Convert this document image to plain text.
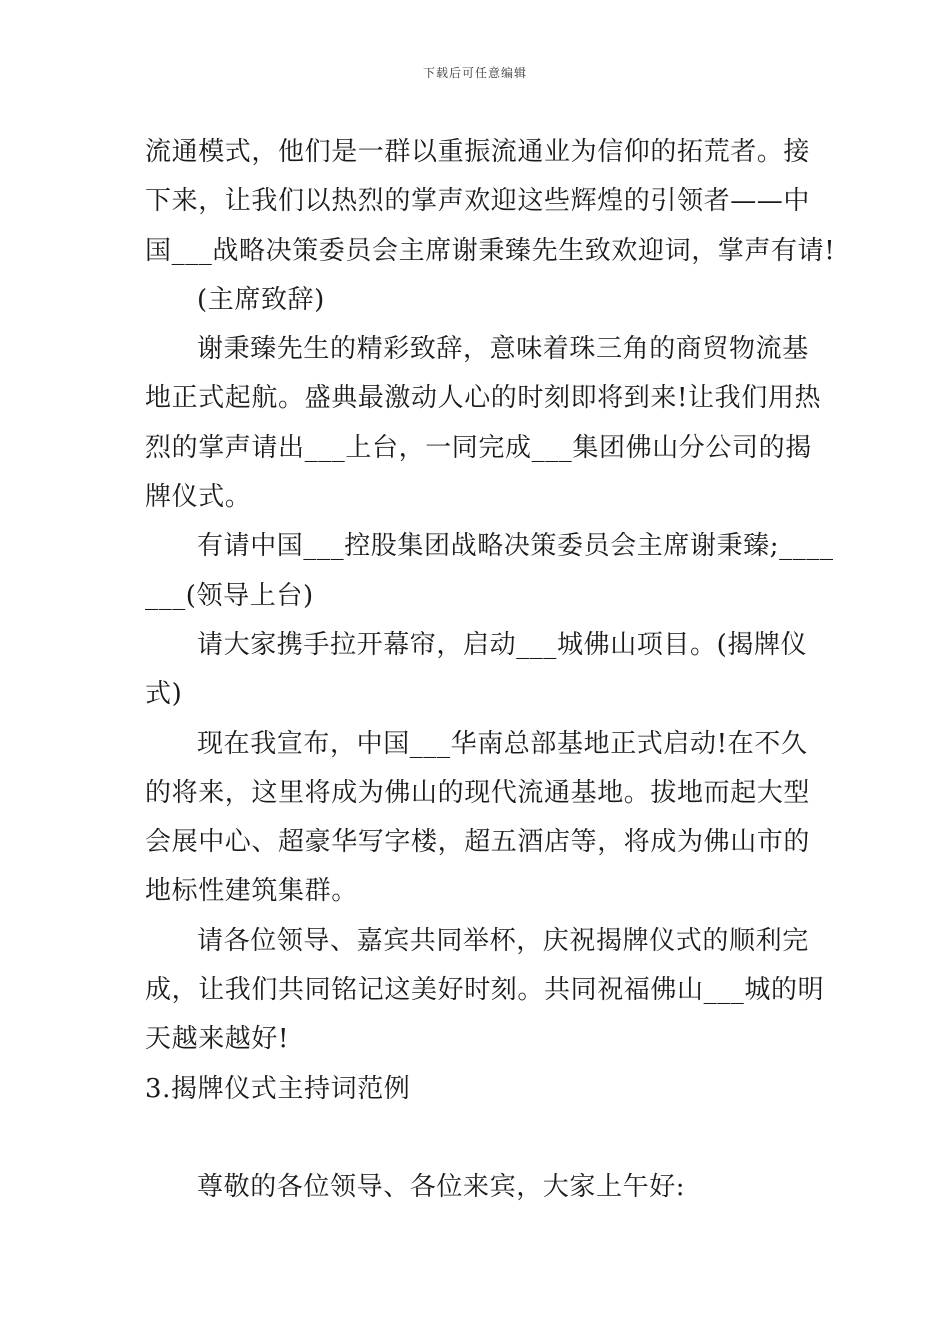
下载后可任意编辑
流通模式，他们是一群以重振流通业为信仰的拓荒者。接
下来，让我们以热烈的掌声欢迎这些辉煌的引领者——中
国___战略决策委员会主席谢秉臻先生致欢迎词，掌声有请!
(主席致辞)
谢秉臻先生的精彩致辞，意味着珠三角的商贸物流基
地正式起航。盛典最激动人心的时刻即将到来!让我们用热
烈的掌声请出___上台，一同完成___集团佛山分公司的揭
牌仪式。
有请中国___控股集团战略决策委员会主席谢秉臻;____
___(领导上台)
请大家携手拉开幕帘，启动___城佛山项目。(揭牌仪
式)
现在我宣布，中国___华南总部基地正式启动!在不久
的将来，这里将成为佛山的现代流通基地。拔地而起大型
会展中心、超豪华写字楼，超五酒店等，将成为佛山市的
地标性建筑集群。
请各位领导、嘉宾共同举杯，庆祝揭牌仪式的顺利完
成，让我们共同铭记这美好时刻。共同祝福佛山___城的明
天越来越好!
3.揭牌仪式主持词范例
尊敬的各位领导、各位来宾，大家上午好:
